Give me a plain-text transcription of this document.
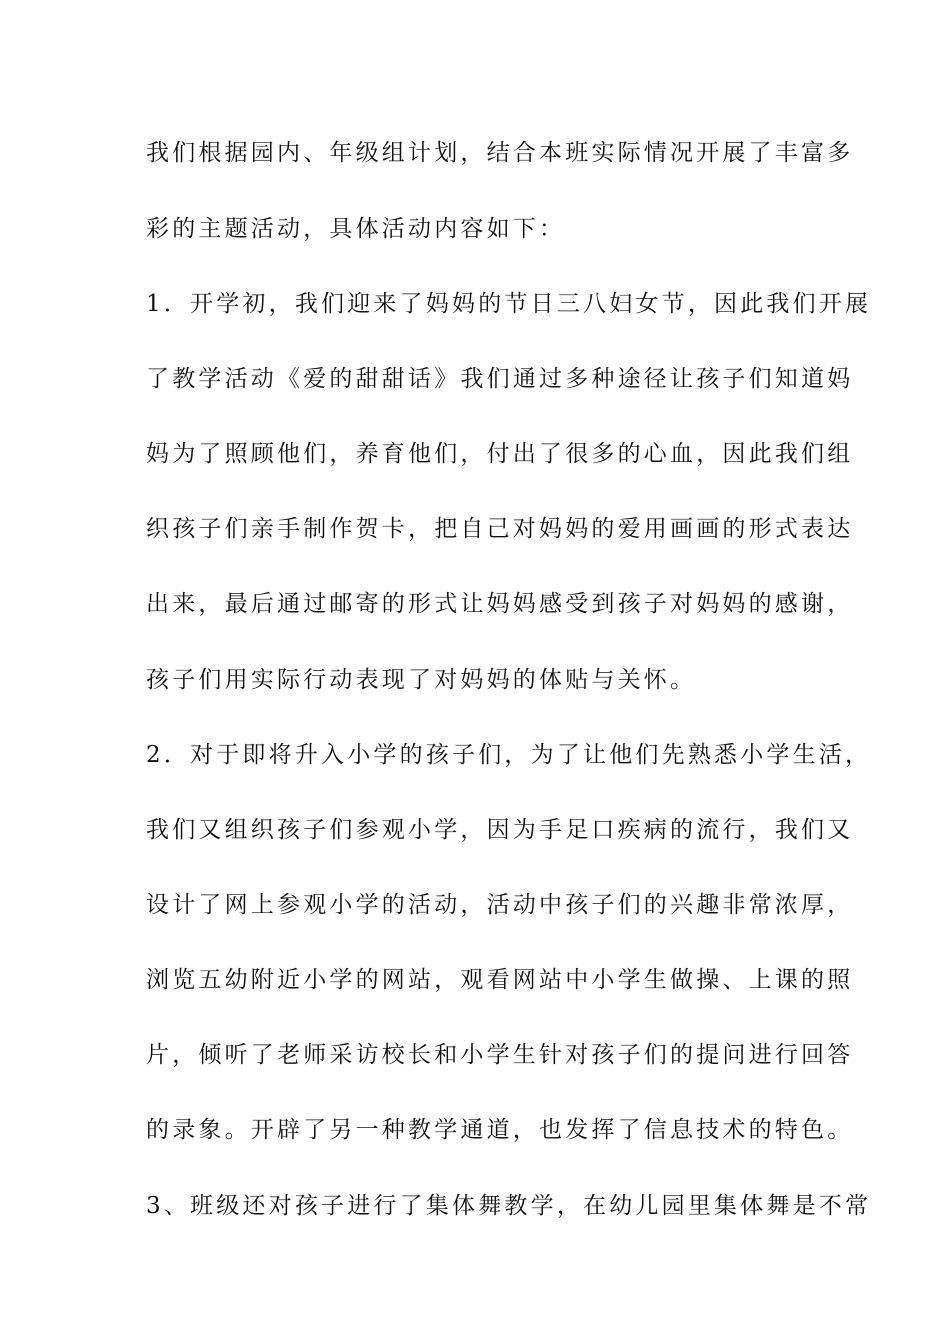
我们根据园内、年级组计划，结合本班实际情况开展了丰富多
彩的主题活动，具体活动内容如下：
1．开学初，我们迎来了妈妈的节日三八妇女节，因此我们开展
了教学活动《爱的甜甜话》我们通过多种途径让孩子们知道妈
妈为了照顾他们，养育他们，付出了很多的心血，因此我们组
织孩子们亲手制作贺卡，把自己对妈妈的爱用画画的形式表达
出来，最后通过邮寄的形式让妈妈感受到孩子对妈妈的感谢，
孩子们用实际行动表现了对妈妈的体贴与关怀。
2．对于即将升入小学的孩子们，为了让他们先熟悉小学生活，
我们又组织孩子们参观小学，因为手足口疾病的流行，我们又
设计了网上参观小学的活动，活动中孩子们的兴趣非常浓厚，
浏览五幼附近小学的网站，观看网站中小学生做操、上课的照
片，倾听了老师采访校长和小学生针对孩子们的提问进行回答
的录象。开辟了另一种教学通道，也发挥了信息技术的特色。
3、班级还对孩子进行了集体舞教学，在幼儿园里集体舞是不常
